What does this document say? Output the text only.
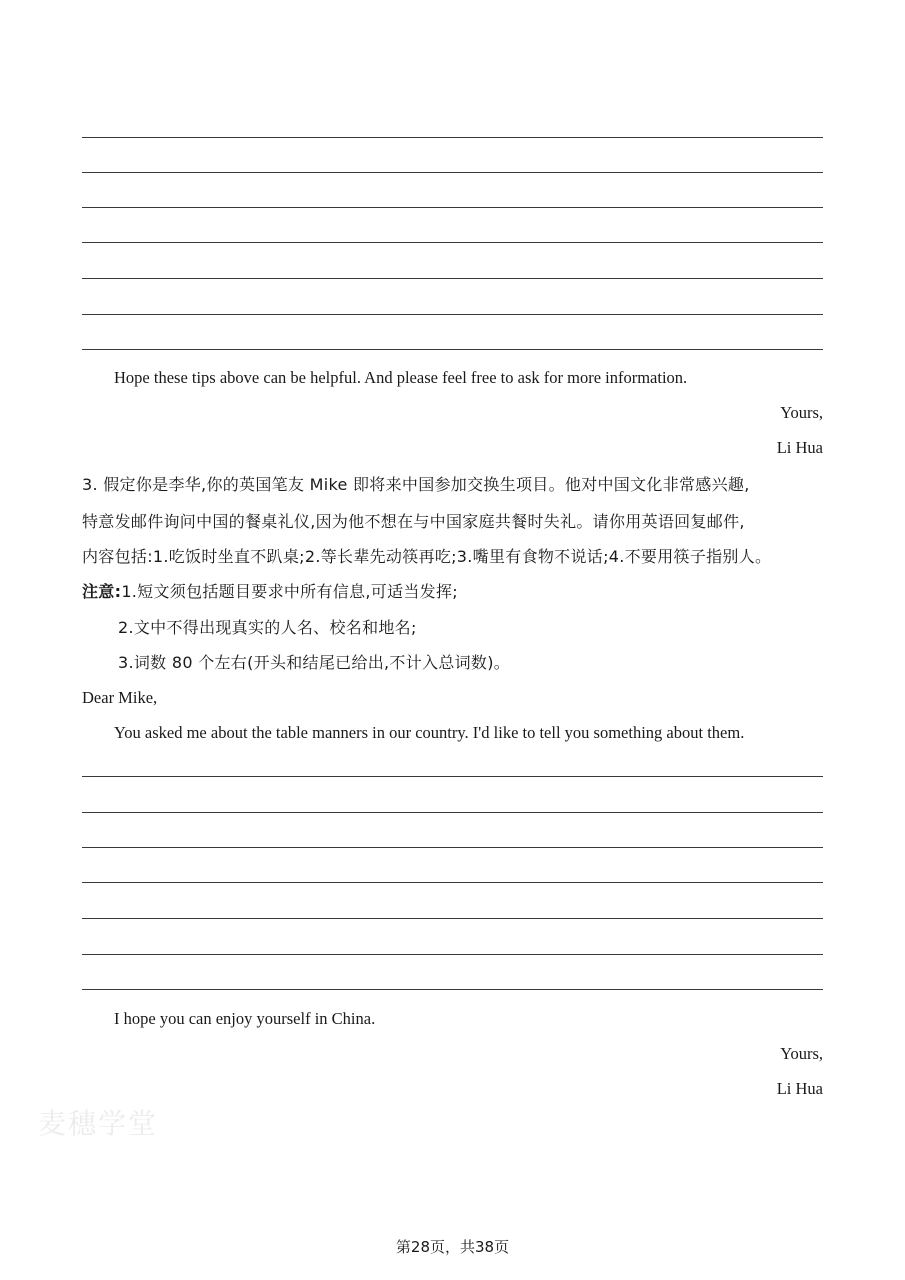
Hope these tips above can be helpful. And please feel free to ask for more information.
Yours,
Li Hua
3. 假定你是李华,你的英国笔友 Mike 即将来中国参加交换生项目。他对中国文化非常感兴趣,
特意发邮件询问中国的餐桌礼仪,因为他不想在与中国家庭共餐时失礼。请你用英语回复邮件,
内容包括:1.吃饭时坐直不趴桌;2.等长辈先动筷再吃;3.嘴里有食物不说话;4.不要用筷子指别人。
注意:1.短文须包括题目要求中所有信息,可适当发挥;
2.文中不得出现真实的人名、校名和地名;
3.词数 80 个左右(开头和结尾已给出,不计入总词数)。
Dear Mike,
You asked me about the table manners in our country. I'd like to tell you something about them.
I hope you can enjoy yourself in China.
Yours,
Li Hua
麦穗学堂
第28页，共38页
